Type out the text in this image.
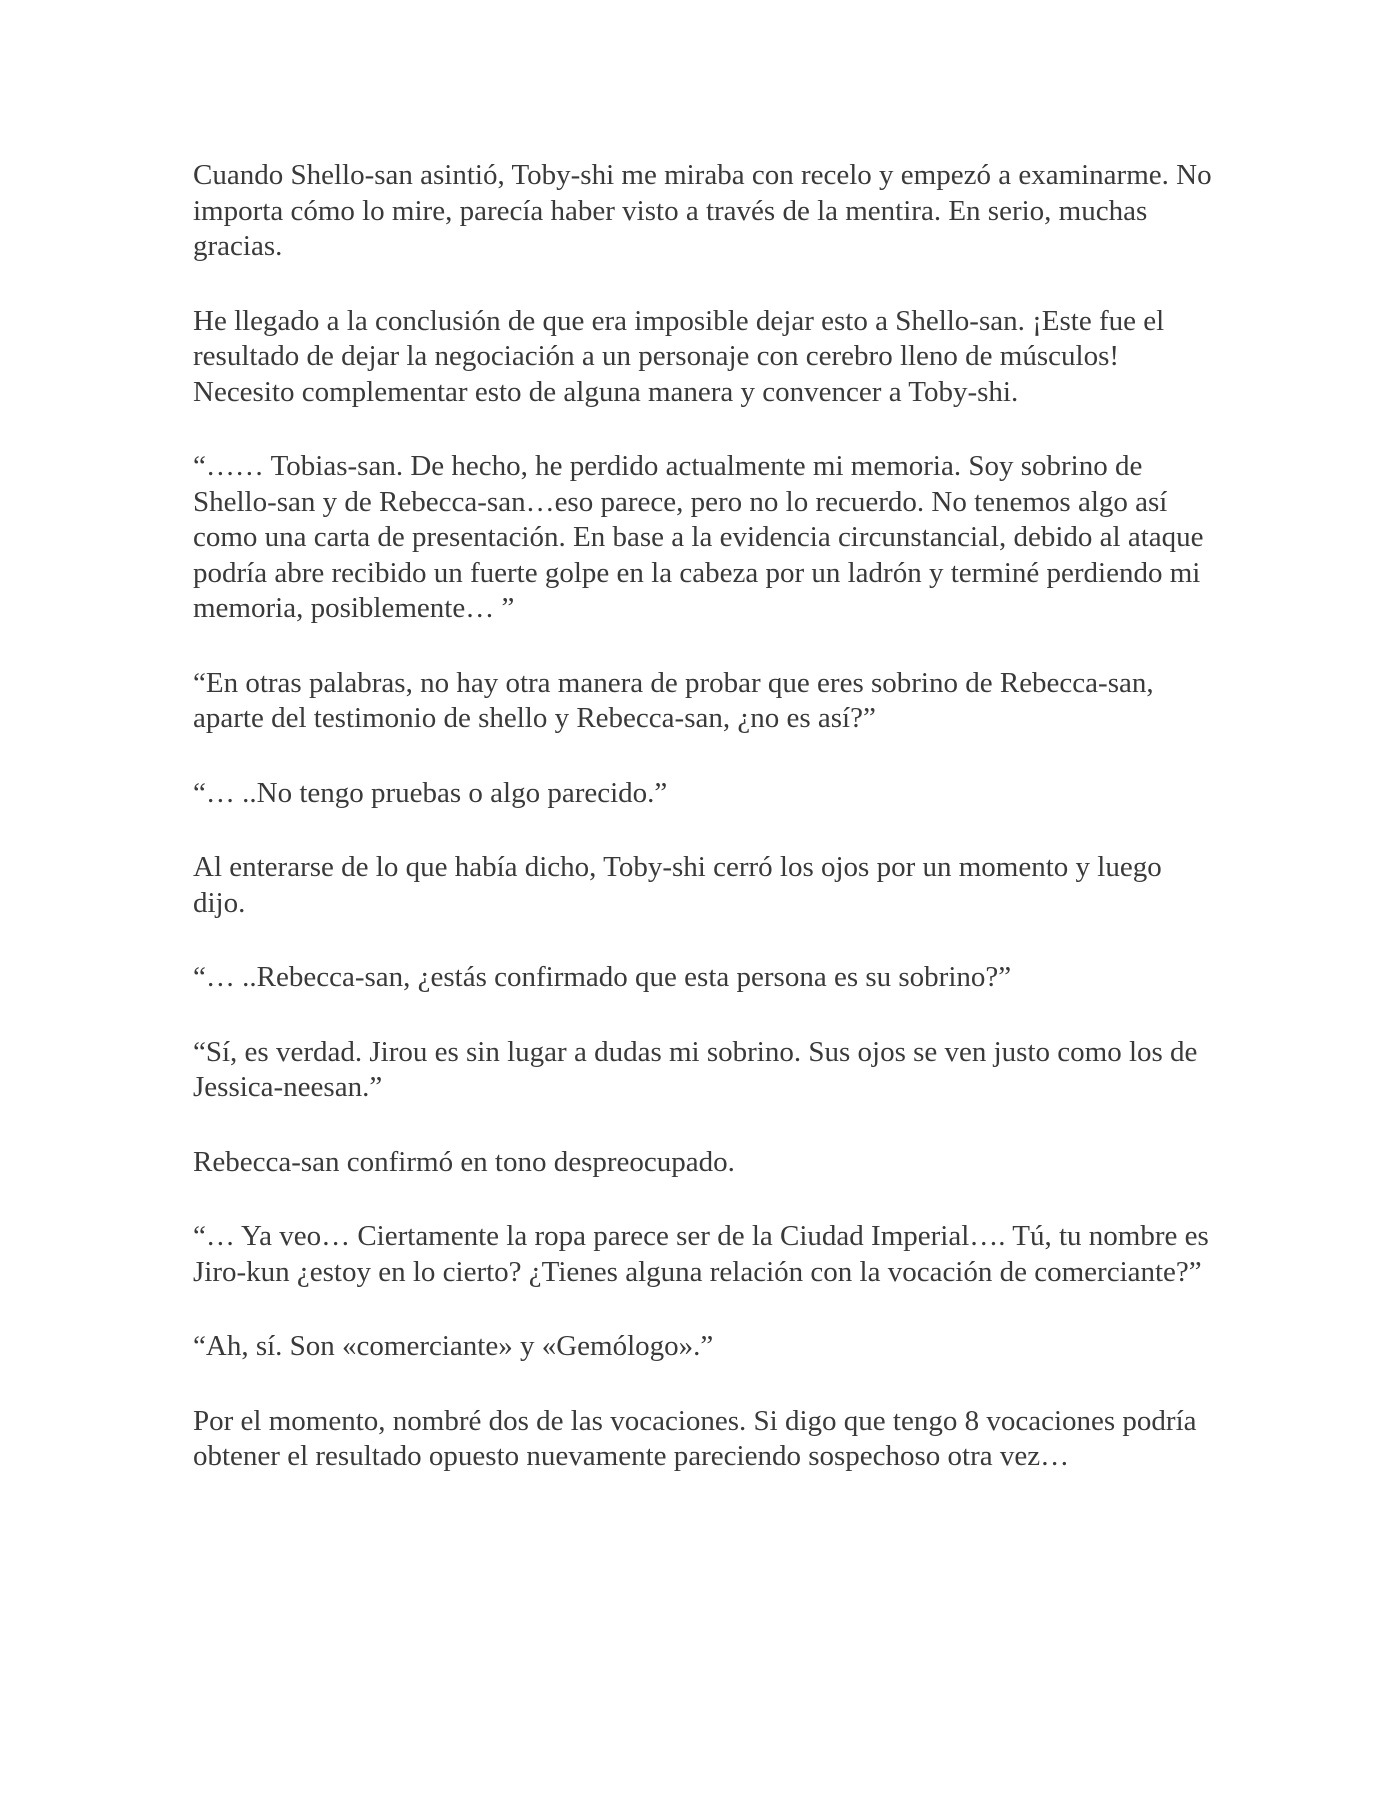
Cuando Shello-san asintió, Toby-shi me miraba con recelo y empezó a examinarme. No importa cómo lo mire, parecía haber visto a través de la mentira. En serio, muchas gracias.

He llegado a la conclusión de que era imposible dejar esto a Shello-san. ¡Este fue el resultado de dejar la negociación a un personaje con cerebro lleno de músculos! Necesito complementar esto de alguna manera y convencer a Toby-shi.

“…… Tobias-san. De hecho, he perdido actualmente mi memoria. Soy sobrino de Shello-san y de Rebecca-san…eso parece, pero no lo recuerdo. No tenemos algo así como una carta de presentación. En base a la evidencia circunstancial, debido al ataque podría abre recibido un fuerte golpe en la cabeza por un ladrón y terminé perdiendo mi memoria, posiblemente… ”

“En otras palabras, no hay otra manera de probar que eres sobrino de Rebecca-san, aparte del testimonio de shello y Rebecca-san, ¿no es así?”

“… ..No tengo pruebas o algo parecido.”

Al enterarse de lo que había dicho, Toby-shi cerró los ojos por un momento y luego dijo.

“… ..Rebecca-san, ¿estás confirmado que esta persona es su sobrino?”

“Sí, es verdad. Jirou es sin lugar a dudas mi sobrino. Sus ojos se ven justo como los de Jessica-neesan.”

Rebecca-san confirmó en tono despreocupado.

“… Ya veo… Ciertamente la ropa parece ser de la Ciudad Imperial…. Tú, tu nombre es Jiro-kun ¿estoy en lo cierto? ¿Tienes alguna relación con la vocación de comerciante?”

“Ah, sí. Son «comerciante» y «Gemólogo».”

Por el momento, nombré dos de las vocaciones. Si digo que tengo 8 vocaciones podría obtener el resultado opuesto nuevamente pareciendo sospechoso otra vez…
